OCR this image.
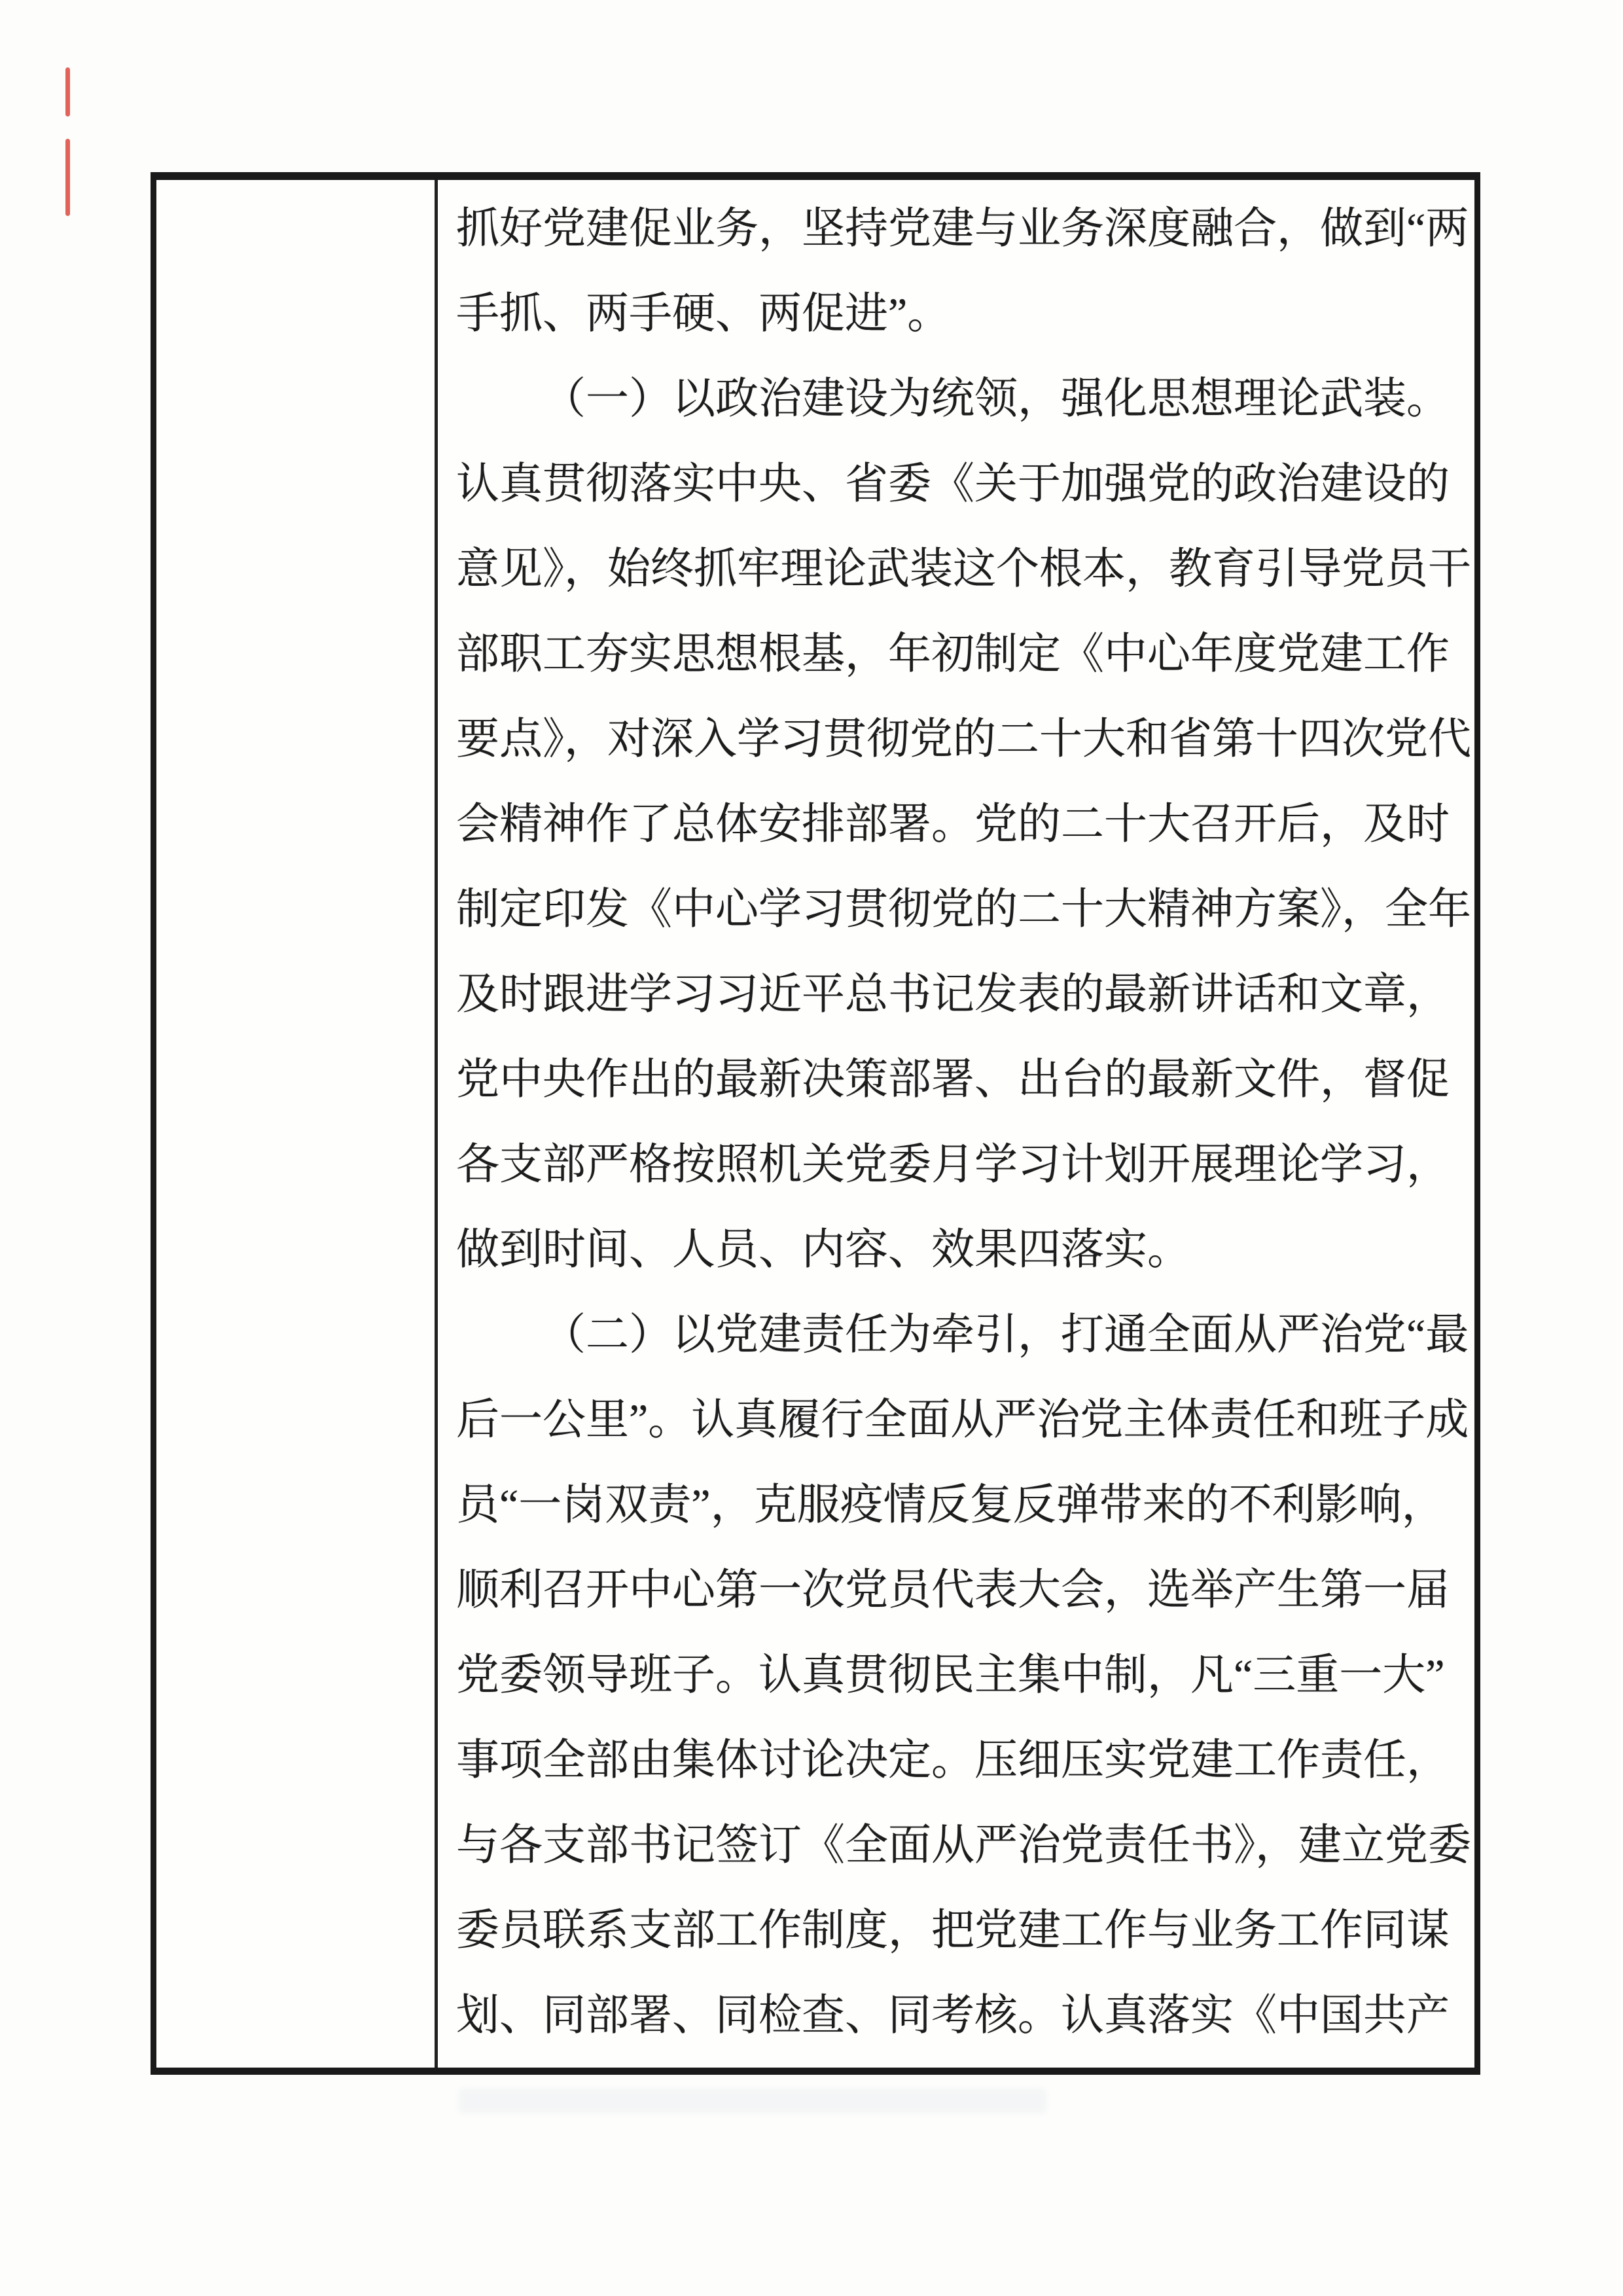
抓好党建促业务，坚持党建与业务深度融合，做到“两
手抓、两手硬、两促进”。
（一）以政治建设为统领，强化思想理论武装。
认真贯彻落实中央、省委《关于加强党的政治建设的
意见》，始终抓牢理论武装这个根本，教育引导党员干
部职工夯实思想根基，年初制定《中心年度党建工作
要点》，对深入学习贯彻党的二十大和省第十四次党代
会精神作了总体安排部署。党的二十大召开后，及时
制定印发《中心学习贯彻党的二十大精神方案》，全年
及时跟进学习习近平总书记发表的最新讲话和文章，
党中央作出的最新决策部署、出台的最新文件，督促
各支部严格按照机关党委月学习计划开展理论学习，
做到时间、人员、内容、效果四落实。
（二）以党建责任为牵引，打通全面从严治党“最
后一公里”。认真履行全面从严治党主体责任和班子成
员“一岗双责”，克服疫情反复反弹带来的不利影响，
顺利召开中心第一次党员代表大会，选举产生第一届
党委领导班子。认真贯彻民主集中制，凡“三重一大”
事项全部由集体讨论决定。压细压实党建工作责任，
与各支部书记签订《全面从严治党责任书》，建立党委
委员联系支部工作制度，把党建工作与业务工作同谋
划、同部署、同检查、同考核。认真落实《中国共产
